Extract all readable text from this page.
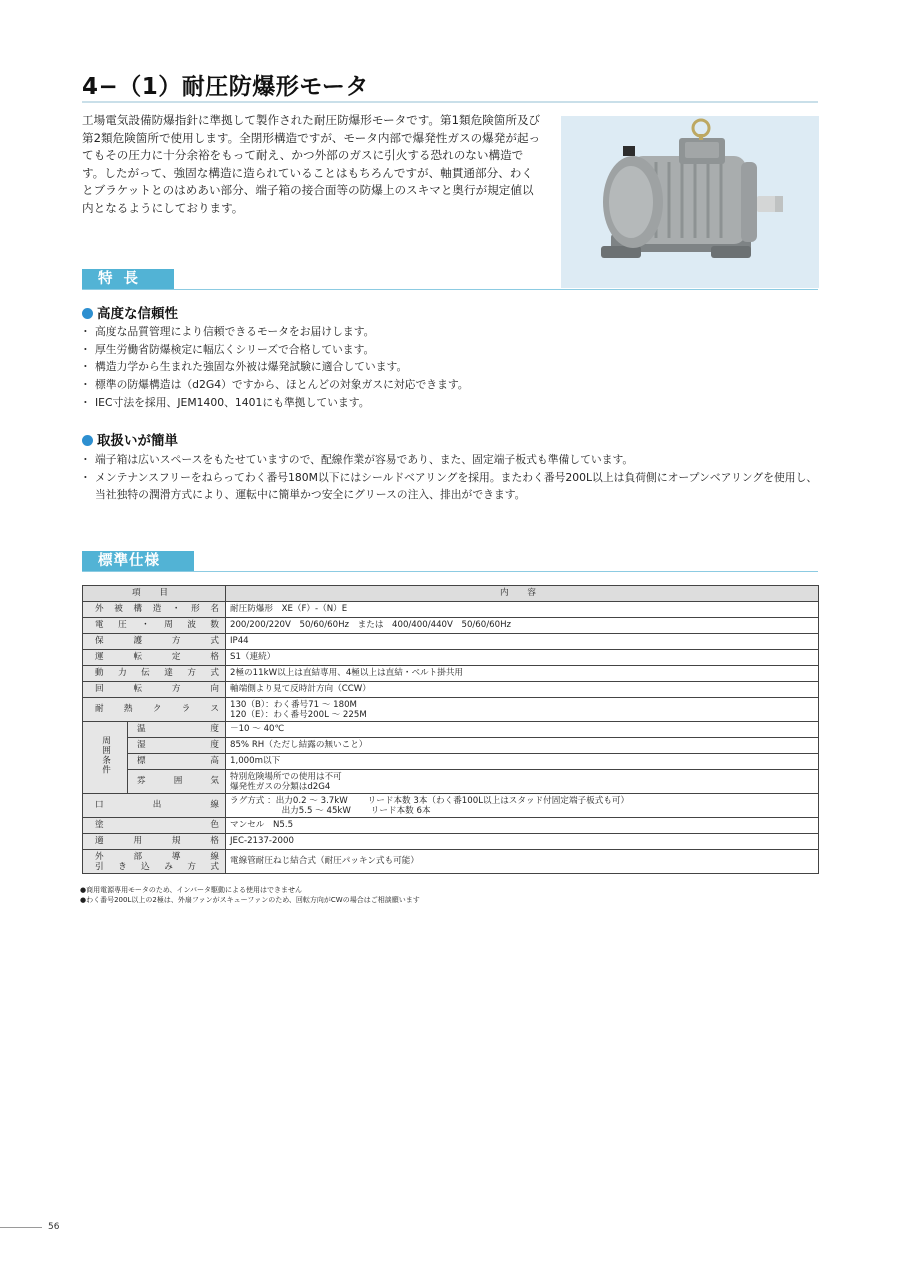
4−（1）耐圧防爆形モータ
工場電気設備防爆指針に準拠して製作された耐圧防爆形モータです。第1類危険箇所及び第2類危険箇所で使用します。全閉形構造ですが、モータ内部で爆発性ガスの爆発が起ってもその圧力に十分余裕をもって耐え、かつ外部のガスに引火する恐れのない構造です。したがって、強固な構造に造られていることはもちろんですが、軸貫通部分、わくとブラケットとのはめあい部分、端子箱の接合面等の防爆上のスキマと奥行が規定値以内となるようにしております。
特 長
高度な信頼性
・ 高度な品質管理により信頼できるモータをお届けします。
・ 厚生労働省防爆検定に幅広くシリーズで合格しています。
・ 構造力学から生まれた強固な外被は爆発試験に適合しています。
・ 標準の防爆構造は（d2G4）ですから、ほとんどの対象ガスに対応できます。
・ IEC寸法を採用、JEM1400、1401にも準拠しています。
取扱いが簡単
・ 端子箱は広いスペースをもたせていますので、配線作業が容易であり、また、固定端子板式も準備しています。
・ メンテナンスフリーをねらってわく番号180M以下にはシールドベアリングを採用。またわく番号200L以上は負荷側にオープンベアリングを使用し、当社独特の潤滑方式により、運転中に簡単かつ安全にグリースの注入、排出ができます。
標準仕様
項 目		内 容
外被構造・形名		耐圧防爆形　XE（F）-（N）E
電圧・周波数		200/200/220V　50/60/60Hz　または　400/400/440V　50/60/60Hz
保護方式		IP44
運転定格		S1（連続）
動力伝達方式		2極の11kW以上は直結専用、4極以上は直結・ベルト掛共用
回転方向		軸端側より見て反時計方向（CCW）
耐熱クラス		130（B）：わく番号71 ～ 180M
120（E）：わく番号200L ～ 225M
周囲条件	温度	－10 ～ 40℃
	湿度	85% RH（ただし結露の無いこと）
	標高	1,000m以下
	雰囲気	特別危険場所での使用は不可
爆発性ガスの分類はd2G4
口出線		ラグ方式 ：出力0.2 ～ 3.7kW　　 リード本数 3本（わく番100L以上はスタッド付固定端子板式も可）
　　　　　　出力5.5 ～ 45kW　　 リード本数 6本
塗色		マンセル　N5.5
適用規格		JEC-2137-2000

外部導線
引き込み方式		電線管耐圧ねじ結合式（耐圧パッキン式も可能）
●商用電源専用モータのため、インバータ駆動による使用はできません
●わく番号200L以上の2極は、外扇ファンがスキューファンのため、回転方向がCWの場合はご相談願います
56
